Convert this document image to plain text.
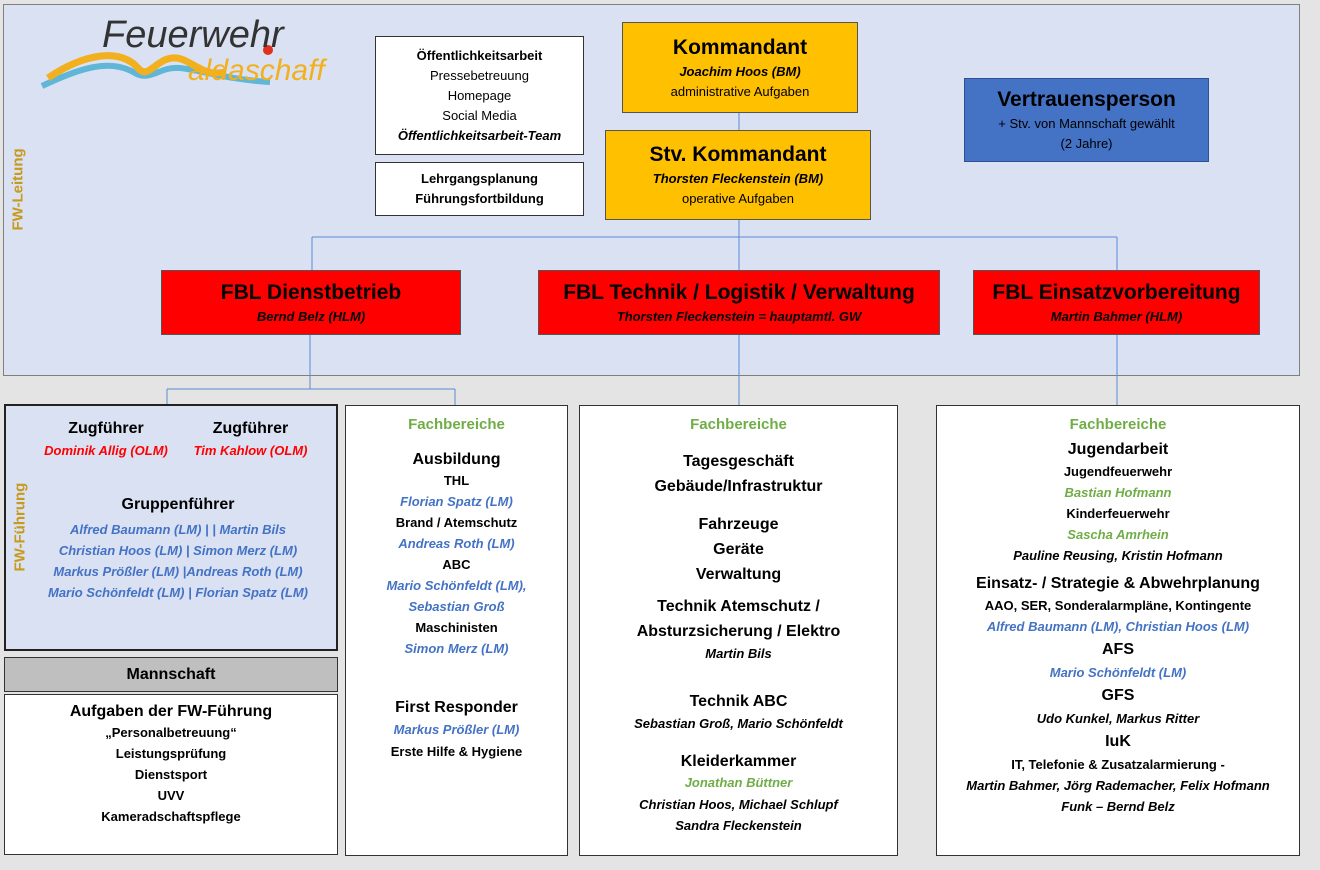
Feuerwehr
aldaschaff
FW-Leitung
Öffentlichkeitsarbeit
Pressebetreuung
Homepage
Social Media
Öffentlichkeitsarbeit-Team
Lehrgangsplanung
Führungsfortbildung
Kommandant
Joachim Hoos (BM)
administrative Aufgaben
Stv. Kommandant
Thorsten Fleckenstein (BM)
operative Aufgaben
Vertrauensperson
+ Stv. von Mannschaft gewählt
(2 Jahre)
FBL Dienstbetrieb
Bernd Belz (HLM)
FBL Technik / Logistik / Verwaltung
Thorsten Fleckenstein = hauptamtl. GW
FBL Einsatzvorbereitung
Martin Bahmer (HLM)
FW-Führung
Zugführer
Dominik Allig (OLM)
Zugführer
Tim Kahlow (OLM)
Gruppenführer
Alfred Baumann (LM) | | Martin Bils
Christian Hoos (LM) | Simon Merz (LM)
Markus Prößler (LM) |Andreas Roth (LM)
Mario Schönfeldt (LM) | Florian Spatz (LM)
Mannschaft
Aufgaben der FW-Führung
„Personalbetreuung“
Leistungsprüfung
Dienstsport
UVV
Kameradschaftspflege
Fachbereiche
Ausbildung
THL
Florian Spatz (LM)
Brand / Atemschutz
Andreas Roth (LM)
ABC
Mario Schönfeldt (LM),
Sebastian Groß
Maschinisten
Simon Merz (LM)
First Responder
Markus Prößler (LM)
Erste Hilfe & Hygiene
Fachbereiche
Tagesgeschäft
Gebäude/Infrastruktur
Fahrzeuge
Geräte
Verwaltung
Technik Atemschutz /
Absturzsicherung / Elektro
Martin Bils
Technik ABC
Sebastian Groß, Mario Schönfeldt
Kleiderkammer
Jonathan Büttner
Christian Hoos, Michael Schlupf
Sandra Fleckenstein
Fachbereiche
Jugendarbeit
Jugendfeuerwehr
Bastian Hofmann
Kinderfeuerwehr
Sascha Amrhein
Pauline Reusing, Kristin Hofmann
Einsatz- / Strategie & Abwehrplanung
AAO, SER, Sonderalarmpläne, Kontingente
Alfred Baumann (LM), Christian Hoos (LM)
AFS
Mario Schönfeldt (LM)
GFS
Udo Kunkel, Markus Ritter
IuK
IT, Telefonie & Zusatzalarmierung -
Martin Bahmer, Jörg Rademacher, Felix Hofmann
Funk – Bernd Belz
